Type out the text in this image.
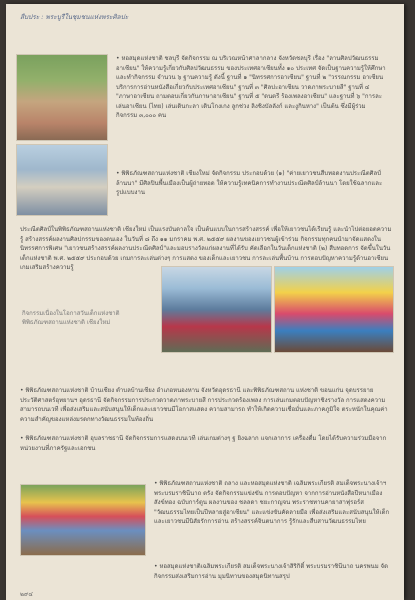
สืบประ : พระบูรีในชุมชนแห่งพระศิลปะ
• หอสมุดแห่งชาติ ชลบุรี จัดกิจกรรม ณ บริเวณหน้าศาลากลาง จังหวัดชลบุรี เรื่อง "ลานศิลปวัฒนธรรมอาเซียน" ให้ความรู้เกี่ยวกับศิลปวัฒนธรรม ของประเทศอาเซียนทั้ง ๑๐ ประเทศ จัดเป็นฐานความรู้ให้ศึกษาและทำกิจกรรม จำนวน ๖ ฐานความรู้ ดังนี้ ฐานที่ ๑ "นิทรรศการอาเซียน" ฐานที่ ๒ "วรรณกรรม อาเซียน บริการการอ่านหนังสือเกี่ยวกับประเทศอาเซียน" ฐานที่ ๓ "ศิลปะอาเซียน วาดภาพระบายสี" ฐานที่ ๔ "ภาษาอาเซียน ถามตอบเกี่ยวกับภาษาอาเซียน" ฐานที่ ๕ "ดนตรี ร้องเพลงอาเซียน" และฐานที่ ๖ "การละเล่นอาเซียน (ไทย) เล่นเดินกะลา เดินโกงเกง ลูกช่วง ลิงชิงบัลลังก์ และงูกินหาง" เป็นต้น ซึ่งมีผู้ร่วม กิจกรรม ๓,๐๐๐ คน
• พิพิธภัณฑสถานแห่งชาติ เชียงใหม่ จัดกิจกรรม ประกอบด้วย (๑) "ค่ายเยาวชนสืบทอดงานประณีตศิลป์ล้านนา" มีศิลปินพื้นเมืองเป็นผู้ถ่ายทอด ให้ความรู้เทคนิคการทำงานประณีตศิลป์ล้านนา โดยใช้ฉลากและรูปแบบงาน
ประณีตศิลป์ในพิพิธภัณฑสถานแห่งชาติ เชียงใหม่ เป็นแรงบันดาลใจ เป็นต้นแบบในการสร้างสรรค์ เพื่อให้เยาวชนได้เรียนรู้ และนำไปต่อยอดความรู้ สร้างสรรค์ผลงานศิลปกรรมของตนเอง ในวันที่ ๘ ถึง ๑๑ มกราคม พ.ศ. ๒๕๕๙ ผลงานของเยาวชนผู้เข้าร่วม กิจกรรมทุกคนนำมาจัดแสดงในนิทรรศการพิเศษ "เยาวชนสร้างสรรค์ผลงานประณีตศิลป์"และมอบรางวัลแก่ผลงานที่ได้รับ คัดเลือกในวันเด็กแห่งชาติ (๒) สืบทอดการ จัดขึ้นในวันเด็กแห่งชาติ พ.ศ. ๒๕๕๙ ประกอบด้วย เกมการละเล่นต่างๆ การแสดง ของเด็กและเยาวชน การละเล่นพื้นบ้าน การตอบปัญหาความรู้ด้านอาเซียน เกมเสริมสร้างความรู้
กิจกรรมเนื่องในโอกาสวันเด็กแห่งชาติ พิพิธภัณฑสถานแห่งชาติ เชียงใหม่
• พิพิธภัณฑสถานแห่งชาติ บ้านเชียง ตำบลบ้านเชียง อำเภอหนองหาน จังหวัดอุดรธานี และพิพิธภัณฑสถาน แห่งชาติ ขอนแก่น จุดบรรยายประวัติศาสตร์อุทยานฯ อุดรธานี จัดกิจกรรมการประกวดวาดภาพระบายสี การประกวดร้องเพลง การเล่นเกมตอบปัญหาชิงรางวัล การแสดงความสามารถบนเวที เพื่อส่งเสริมและสนับสนุนให้เด็กและเยาวชนมีโอกาสแสดง ความสามารถ ทำให้เกิดความเชื่อมั่นและภาคภูมิใจ ตระหนักในคุณค่าความสำคัญของแหล่งมรดกทางวัฒนธรรมในท้องถิ่น
• พิพิธภัณฑสถานแห่งชาติ อุบลราชธานี จัดกิจกรรมการแสดงบนเวที เล่นเกมต่างๆ ฐ ยิงฉลาก แจกเลาการ เครื่องดื่ม โดยได้รับความร่วมมือจากหน่วยงานที่ภาครัฐและเอกชน
• พิพิธภัณฑสถานแห่งชาติ ถลาง และหอสมุดแห่งชาติ เฉลิมพระเกียรติ สมเด็จพระนางเจ้าฯ พระบรมราชินีนาถ ตรัง จัดกิจกรรมแข่งขัน การตอบปัญหา จากการอ่านหนังสือปีหนาเมืองสังข์ทอง ฉบับการ์ตูน ผลงานของ ชลลดา ชยะกาญจน พระราชทานคายาสาฟุรอร์ส "วัฒนธรรมไทยเป็นปีหลายสู่อาเซียน" และแข่งขันคัดลายมือ เพื่อส่งเสริมและสนับสนุนให้เด็กและเยาวชนมีนิสัยรักการอ่าน สร้างสรรค์จินตนาการ รู้รักและสืบสานวัฒนธรรมไทย
• หอสมุดแห่งชาติเฉลิมพระเกียรติ สมเด็จพระนางเจ้าสิริกิติ์ พระบรมราชินีนาถ นครพนม จัดกิจกรรมส่งเสริมการอ่าน มุมนิทานของสมุดนิทานสรุป
๒๙๔
